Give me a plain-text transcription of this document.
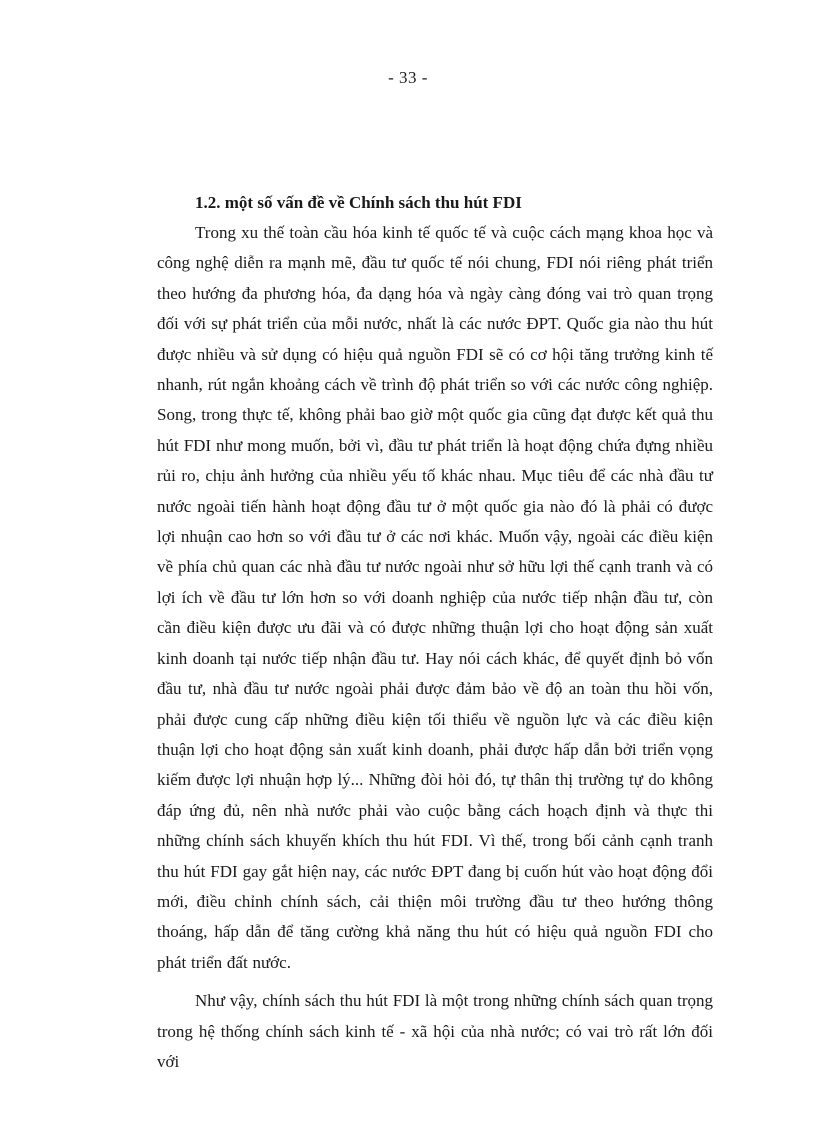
- 33 -
1.2. một số vấn đề về Chính sách thu hút FDI

Trong xu thế toàn cầu hóa kinh tế quốc tế và cuộc cách mạng khoa học và công nghệ diễn ra mạnh mẽ, đầu tư quốc tế nói chung, FDI nói riêng phát triển theo hướng đa phương hóa, đa dạng hóa và ngày càng đóng vai trò quan trọng đối với sự phát triển của mỗi nước, nhất là các nước ĐPT. Quốc gia nào thu hút được nhiều và sử dụng có hiệu quả nguồn FDI sẽ có cơ hội tăng trưởng kinh tế nhanh, rút ngắn khoảng cách về trình độ phát triển so với các nước công nghiệp. Song, trong thực tế, không phải bao giờ một quốc gia cũng đạt được kết quả thu hút FDI như mong muốn, bởi vì, đầu tư phát triển là hoạt động chứa đựng nhiều rủi ro, chịu ảnh hưởng của nhiều yếu tố khác nhau. Mục tiêu để các nhà đầu tư nước ngoài tiến hành hoạt động đầu tư ở một quốc gia nào đó là phải có được lợi nhuận cao hơn so với đầu tư ở các nơi khác. Muốn vậy, ngoài các điều kiện về phía chủ quan các nhà đầu tư nước ngoài như sở hữu lợi thế cạnh tranh và có lợi ích về đầu tư lớn hơn so với doanh nghiệp của nước tiếp nhận đầu tư, còn cần điều kiện được ưu đãi và có được những thuận lợi cho hoạt động sản xuất kinh doanh tại nước tiếp nhận đầu tư. Hay nói cách khác, để quyết định bỏ vốn đầu tư, nhà đầu tư nước ngoài phải được đảm bảo về độ an toàn thu hồi vốn, phải được cung cấp những điều kiện tối thiểu về nguồn lực và các điều kiện thuận lợi cho hoạt động sản xuất kinh doanh, phải được hấp dẫn bởi triển vọng kiếm được lợi nhuận hợp lý... Những đòi hỏi đó, tự thân thị trường tự do không đáp ứng đủ, nên nhà nước phải vào cuộc bằng cách hoạch định và thực thi những chính sách khuyến khích thu hút FDI. Vì thế, trong bối cảnh cạnh tranh thu hút FDI gay gắt hiện nay, các nước ĐPT đang bị cuốn hút vào hoạt động đổi mới, điều chỉnh chính sách, cải thiện môi trường đầu tư theo hướng thông thoáng, hấp dẫn để tăng cường khả năng thu hút có hiệu quả nguồn FDI cho phát triển đất nước.

Như vậy, chính sách thu hút FDI là một trong những chính sách quan trọng trong hệ thống chính sách kinh tế - xã hội của nhà nước; có vai trò rất lớn đối với
